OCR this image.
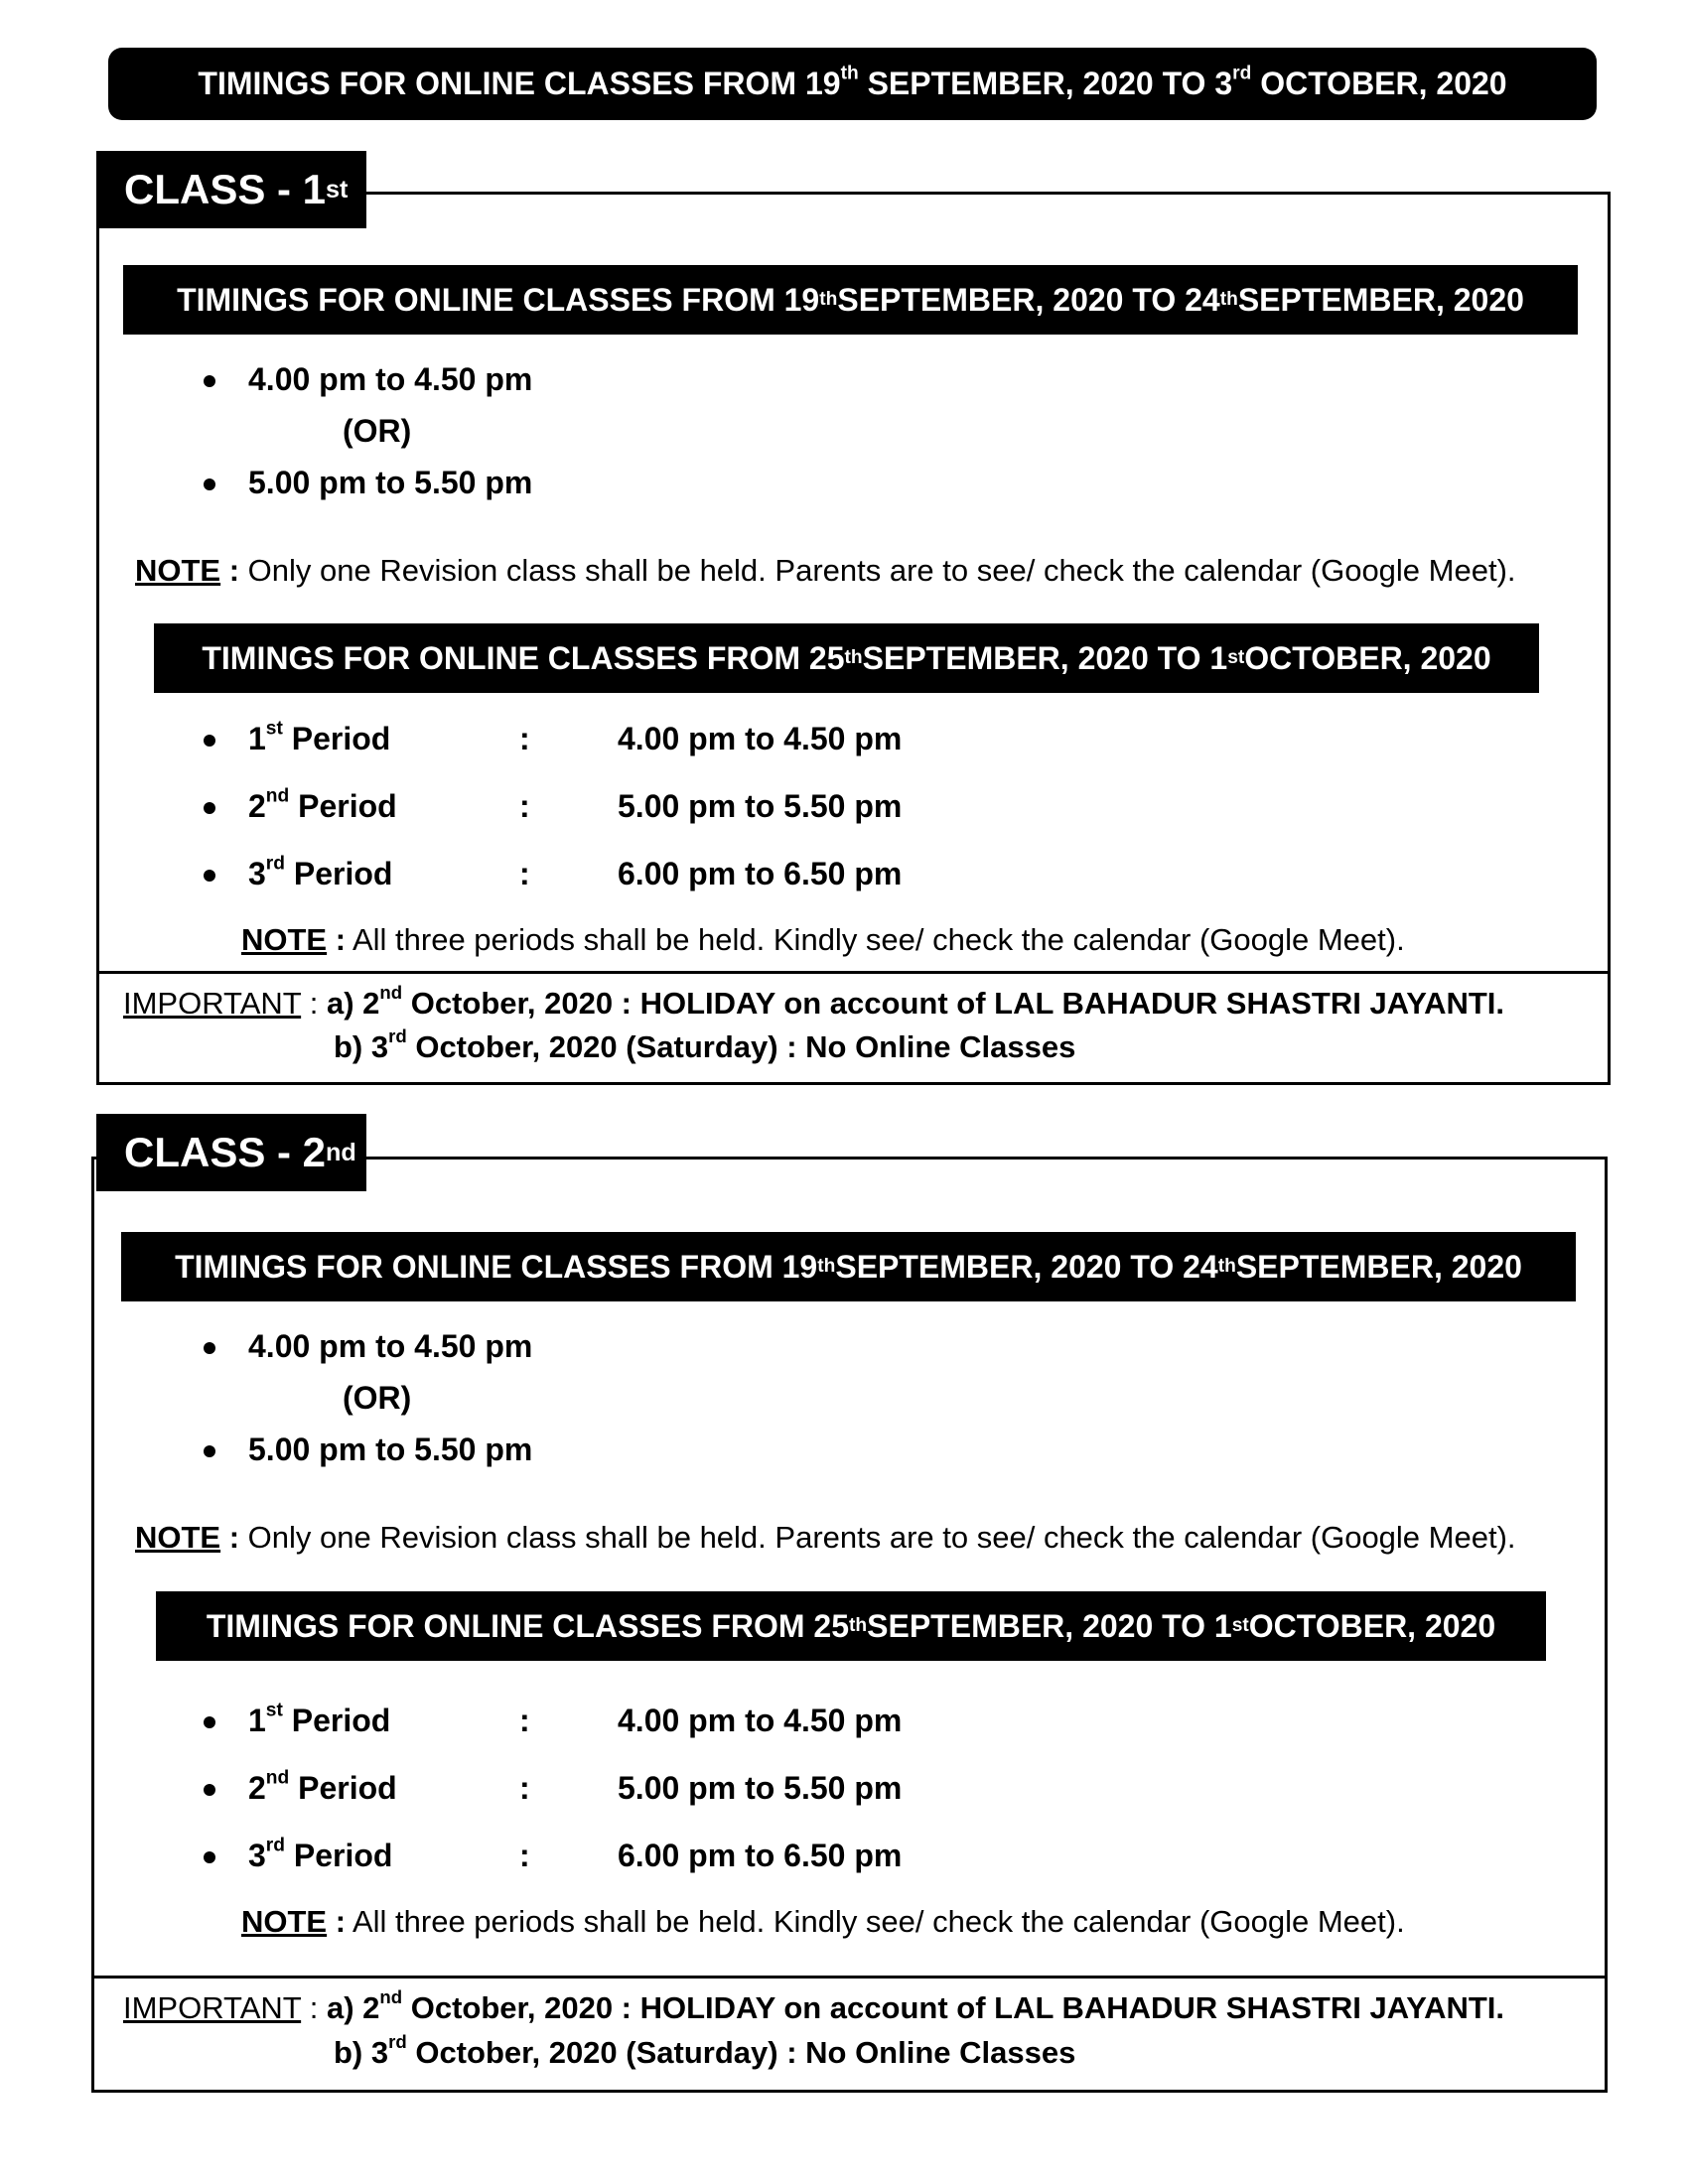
TIMINGS FOR ONLINE CLASSES FROM 19th SEPTEMBER, 2020 TO 3rd OCTOBER, 2020
CLASS - 1 st
TIMINGS FOR ONLINE CLASSES FROM 19 th SEPTEMBER, 2020 TO 24 th SEPTEMBER, 2020
4.00 pm to 4.50 pm
(OR)
5.00 pm to 5.50 pm
NOTE : Only one Revision class shall be held. Parents are to see/ check the calendar (Google Meet).
TIMINGS FOR ONLINE CLASSES FROM 25 th SEPTEMBER, 2020 TO 1 st OCTOBER, 2020
1st Period	:	4.00 pm to 4.50 pm
2nd Period	:	5.00 pm to 5.50 pm
3rd Period	:	6.00 pm to 6.50 pm
NOTE : All three periods shall be held. Kindly see/ check the calendar (Google Meet).
IMPORTANT : a) 2nd October, 2020 : HOLIDAY on account of LAL BAHADUR SHASTRI JAYANTI.
b) 3rd October, 2020 (Saturday) : No Online Classes
CLASS - 2 nd
TIMINGS FOR ONLINE CLASSES FROM 19 th SEPTEMBER, 2020 TO 24 th SEPTEMBER, 2020
4.00 pm to 4.50 pm
(OR)
5.00 pm to 5.50 pm
NOTE : Only one Revision class shall be held. Parents are to see/ check the calendar (Google Meet).
TIMINGS FOR ONLINE CLASSES FROM 25 th SEPTEMBER, 2020 TO 1 st OCTOBER, 2020
1st Period	:	4.00 pm to 4.50 pm
2nd Period	:	5.00 pm to 5.50 pm
3rd Period	:	6.00 pm to 6.50 pm
NOTE : All three periods shall be held. Kindly see/ check the calendar (Google Meet).
IMPORTANT : a) 2nd October, 2020 : HOLIDAY on account of LAL BAHADUR SHASTRI JAYANTI.
b) 3rd October, 2020 (Saturday) : No Online Classes
